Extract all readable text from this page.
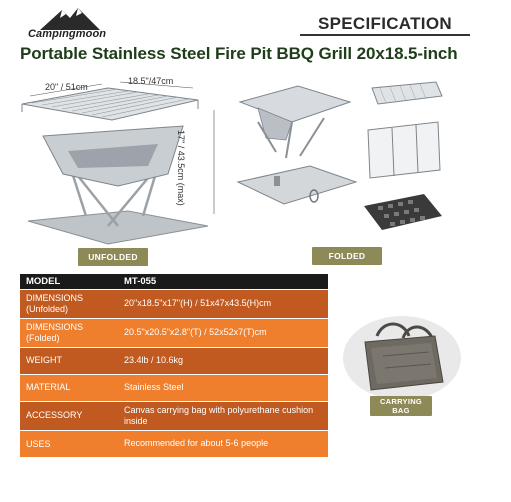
Campingmoon
SPECIFICATION
Portable Stainless Steel Fire Pit BBQ Grill 20x18.5-inch
20" / 51cm
18.5"/47cm
17" / 43.5cm (max)
UNFOLDED	FOLDED
MODEL	MT-055

DIMENSIONS
(Unfolded)	20"x18.5"x17"(H) / 51x47x43.5(H)cm

DIMENSIONS
(Folded)	20.5"x20.5"x2.8"(T) / 52x52x7(T)cm
WEIGHT	23.4lb / 10.6kg
MATERIAL	Stainless Steel
ACCESSORY	Canvas carrying bag with polyurethane cushion inside
USES	Recommended for about 5-6 people
CARRYING
BAG
